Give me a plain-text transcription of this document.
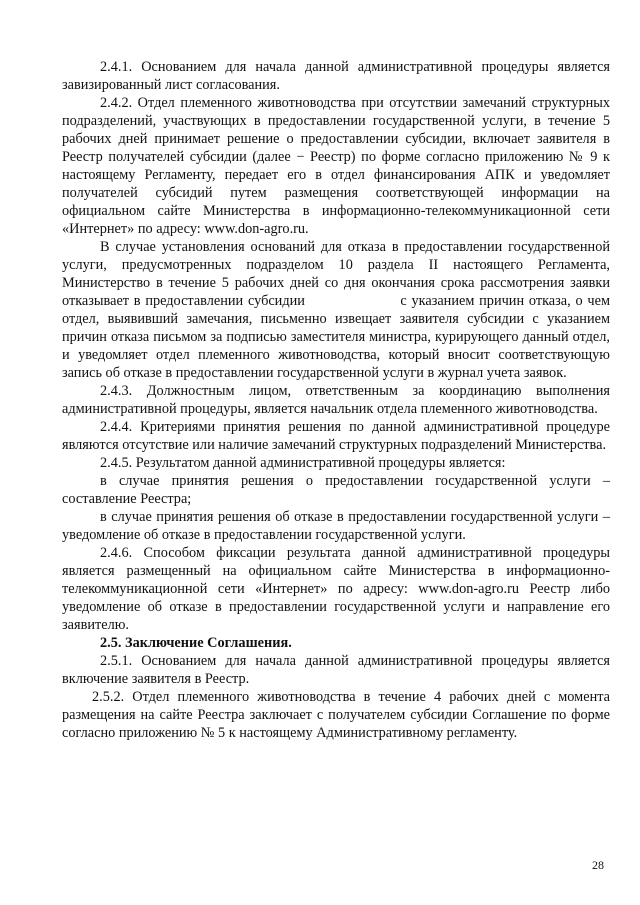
2.4.1. Основанием для начала данной административной процедуры является завизированный лист согласования.

2.4.2. Отдел племенного животноводства при отсутствии замечаний структурных подразделений, участвующих в предоставлении государственной услуги, в течение 5 рабочих дней принимает решение о предоставлении субсидии, включает заявителя в Реестр получателей субсидии (далее − Реестр) по форме согласно приложению № 9 к настоящему Регламенту, передает его в отдел финансирования АПК и уведомляет получателей субсидий путем размещения соответствующей информации на официальном сайте Министерства в информационно-телекоммуникационной сети «Интернет» по адресу: www.don-agro.ru.

В случае установления оснований для отказа в предоставлении государственной услуги, предусмотренных подразделом 10 раздела II настоящего Регламента, Министерство в течение 5 рабочих дней со дня окончания срока рассмотрения заявки отказывает в предоставлении субсидии                    с указанием причин отказа, о чем отдел, выявивший замечания, письменно извещает заявителя субсидии с указанием причин отказа письмом за подписью заместителя министра, курирующего данный отдел, и уведомляет отдел племенного животноводства, который вносит соответствующую запись об отказе в предоставлении государственной услуги в журнал учета заявок.

2.4.3. Должностным лицом, ответственным за координацию выполнения административной процедуры, является начальник отдела племенного животноводства.

2.4.4. Критериями принятия решения по данной административной процедуре являются отсутствие или наличие замечаний структурных подразделений Министерства.

2.4.5. Результатом данной административной процедуры является:

в случае принятия решения о предоставлении государственной услуги – составление Реестра;

в случае принятия решения об отказе в предоставлении государственной услуги – уведомление об отказе в предоставлении государственной услуги.

2.4.6. Способом фиксации результата данной административной процедуры является размещенный на официальном сайте Министерства в информационно-телекоммуникационной сети «Интернет» по адресу: www.don-agro.ru Реестр либо уведомление об отказе в предоставлении государственной услуги и направление его заявителю.

2.5. Заключение Соглашения.

2.5.1. Основанием для начала данной административной процедуры является включение заявителя в Реестр.

2.5.2. Отдел племенного животноводства в течение 4 рабочих дней с момента размещения на сайте Реестра заключает с получателем субсидии Соглашение по форме согласно приложению № 5 к настоящему Административному регламенту.

28
